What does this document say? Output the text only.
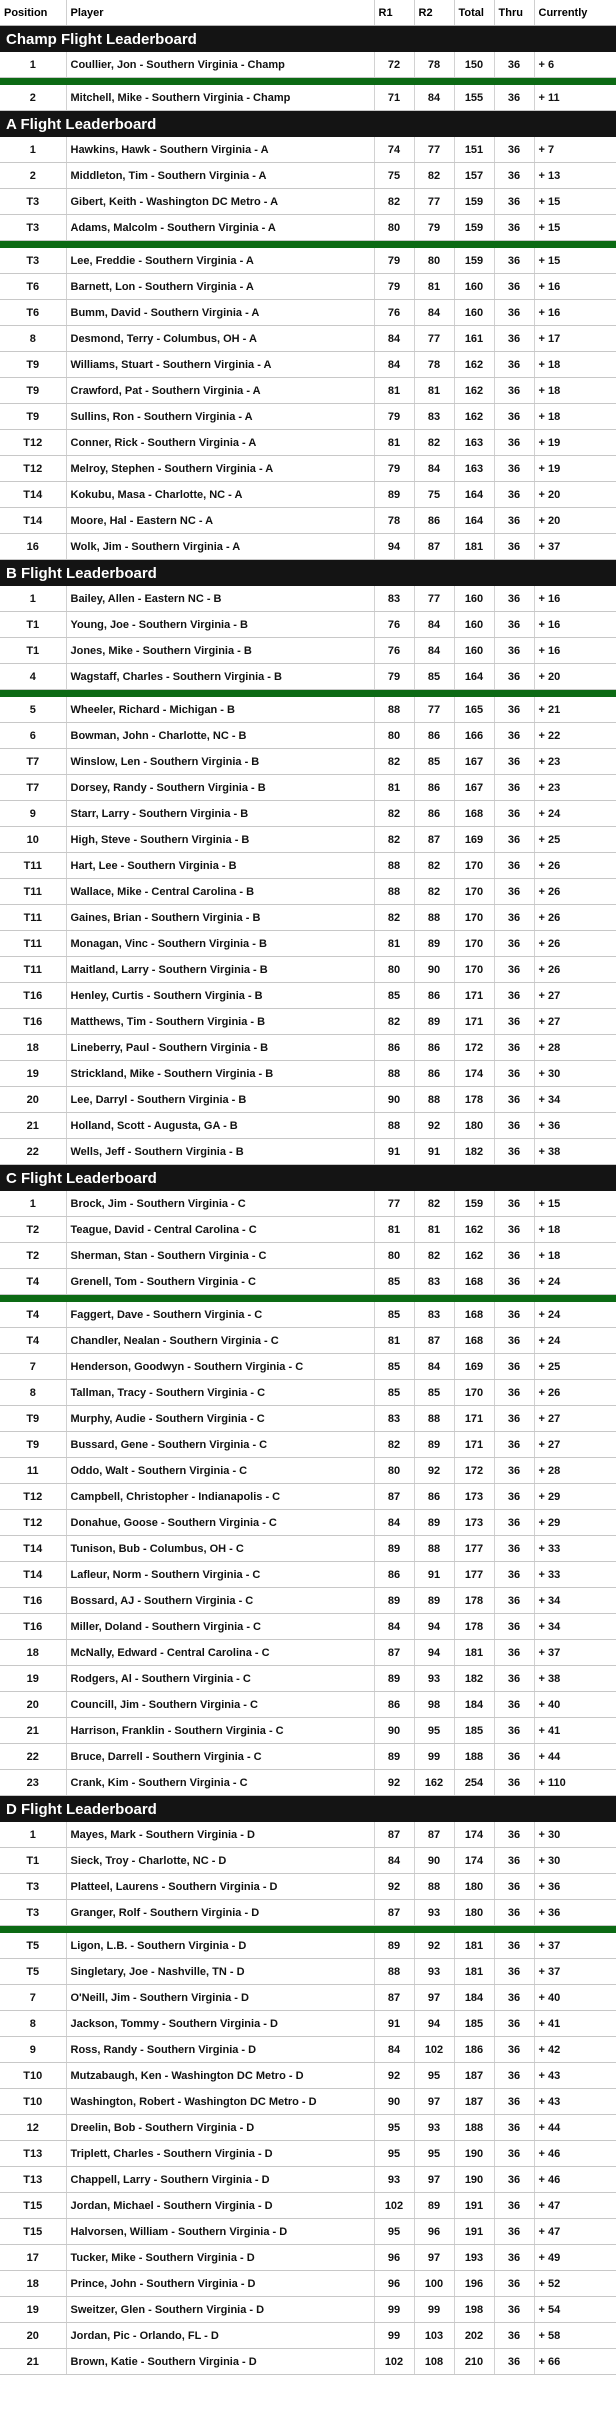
Position	Player	R1	R2	Total	Thru	Currently
Champ Flight Leaderboard						
1	Coullier, Jon - Southern Virginia - Champ	72	78	150	36	+ 6

2	Mitchell, Mike - Southern Virginia - Champ	71	84	155	36	+ 11
A Flight Leaderboard						
1	Hawkins, Hawk - Southern Virginia - A	74	77	151	36	+ 7
2	Middleton, Tim - Southern Virginia - A	75	82	157	36	+ 13
T3	Gibert, Keith - Washington DC Metro - A	82	77	159	36	+ 15
T3	Adams, Malcolm - Southern Virginia - A	80	79	159	36	+ 15

T3	Lee, Freddie - Southern Virginia - A	79	80	159	36	+ 15
T6	Barnett, Lon - Southern Virginia - A	79	81	160	36	+ 16
T6	Bumm, David - Southern Virginia - A	76	84	160	36	+ 16
8	Desmond, Terry - Columbus, OH - A	84	77	161	36	+ 17
T9	Williams, Stuart - Southern Virginia - A	84	78	162	36	+ 18
T9	Crawford, Pat - Southern Virginia - A	81	81	162	36	+ 18
T9	Sullins, Ron - Southern Virginia - A	79	83	162	36	+ 18
T12	Conner, Rick - Southern Virginia - A	81	82	163	36	+ 19
T12	Melroy, Stephen - Southern Virginia - A	79	84	163	36	+ 19
T14	Kokubu, Masa - Charlotte, NC - A	89	75	164	36	+ 20
T14	Moore, Hal - Eastern NC - A	78	86	164	36	+ 20
16	Wolk, Jim - Southern Virginia - A	94	87	181	36	+ 37
B Flight Leaderboard						
1	Bailey, Allen - Eastern NC - B	83	77	160	36	+ 16
T1	Young, Joe - Southern Virginia - B	76	84	160	36	+ 16
T1	Jones, Mike - Southern Virginia - B	76	84	160	36	+ 16
4	Wagstaff, Charles - Southern Virginia - B	79	85	164	36	+ 20

5	Wheeler, Richard - Michigan - B	88	77	165	36	+ 21
6	Bowman, John - Charlotte, NC - B	80	86	166	36	+ 22
T7	Winslow, Len - Southern Virginia - B	82	85	167	36	+ 23
T7	Dorsey, Randy - Southern Virginia - B	81	86	167	36	+ 23
9	Starr, Larry - Southern Virginia - B	82	86	168	36	+ 24
10	High, Steve - Southern Virginia - B	82	87	169	36	+ 25
T11	Hart, Lee - Southern Virginia - B	88	82	170	36	+ 26
T11	Wallace, Mike - Central Carolina - B	88	82	170	36	+ 26
T11	Gaines, Brian - Southern Virginia - B	82	88	170	36	+ 26
T11	Monagan, Vinc - Southern Virginia - B	81	89	170	36	+ 26
T11	Maitland, Larry - Southern Virginia - B	80	90	170	36	+ 26
T16	Henley, Curtis - Southern Virginia - B	85	86	171	36	+ 27
T16	Matthews, Tim - Southern Virginia - B	82	89	171	36	+ 27
18	Lineberry, Paul - Southern Virginia - B	86	86	172	36	+ 28
19	Strickland, Mike - Southern Virginia - B	88	86	174	36	+ 30
20	Lee, Darryl - Southern Virginia - B	90	88	178	36	+ 34
21	Holland, Scott - Augusta, GA - B	88	92	180	36	+ 36
22	Wells, Jeff - Southern Virginia - B	91	91	182	36	+ 38
C Flight Leaderboard						
1	Brock, Jim - Southern Virginia - C	77	82	159	36	+ 15
T2	Teague, David - Central Carolina - C	81	81	162	36	+ 18
T2	Sherman, Stan - Southern Virginia - C	80	82	162	36	+ 18
T4	Grenell, Tom - Southern Virginia - C	85	83	168	36	+ 24

T4	Faggert, Dave - Southern Virginia - C	85	83	168	36	+ 24
T4	Chandler, Nealan - Southern Virginia - C	81	87	168	36	+ 24
7	Henderson, Goodwyn - Southern Virginia - C	85	84	169	36	+ 25
8	Tallman, Tracy - Southern Virginia - C	85	85	170	36	+ 26
T9	Murphy, Audie - Southern Virginia - C	83	88	171	36	+ 27
T9	Bussard, Gene - Southern Virginia - C	82	89	171	36	+ 27
11	Oddo, Walt - Southern Virginia - C	80	92	172	36	+ 28
T12	Campbell, Christopher - Indianapolis - C	87	86	173	36	+ 29
T12	Donahue, Goose - Southern Virginia - C	84	89	173	36	+ 29
T14	Tunison, Bub - Columbus, OH - C	89	88	177	36	+ 33
T14	Lafleur, Norm - Southern Virginia - C	86	91	177	36	+ 33
T16	Bossard, AJ - Southern Virginia - C	89	89	178	36	+ 34
T16	Miller, Doland - Southern Virginia - C	84	94	178	36	+ 34
18	McNally, Edward - Central Carolina - C	87	94	181	36	+ 37
19	Rodgers, Al - Southern Virginia - C	89	93	182	36	+ 38
20	Councill, Jim - Southern Virginia - C	86	98	184	36	+ 40
21	Harrison, Franklin - Southern Virginia - C	90	95	185	36	+ 41
22	Bruce, Darrell - Southern Virginia - C	89	99	188	36	+ 44
23	Crank, Kim - Southern Virginia - C	92	162	254	36	+ 110
D Flight Leaderboard						
1	Mayes, Mark - Southern Virginia - D	87	87	174	36	+ 30
T1	Sieck, Troy - Charlotte, NC - D	84	90	174	36	+ 30
T3	Platteel, Laurens - Southern Virginia - D	92	88	180	36	+ 36
T3	Granger, Rolf - Southern Virginia - D	87	93	180	36	+ 36

T5	Ligon, L.B. - Southern Virginia - D	89	92	181	36	+ 37
T5	Singletary, Joe - Nashville, TN - D	88	93	181	36	+ 37
7	O'Neill, Jim - Southern Virginia - D	87	97	184	36	+ 40
8	Jackson, Tommy - Southern Virginia - D	91	94	185	36	+ 41
9	Ross, Randy - Southern Virginia - D	84	102	186	36	+ 42
T10	Mutzabaugh, Ken - Washington DC Metro - D	92	95	187	36	+ 43
T10	Washington, Robert - Washington DC Metro - D	90	97	187	36	+ 43
12	Dreelin, Bob - Southern Virginia - D	95	93	188	36	+ 44
T13	Triplett, Charles - Southern Virginia - D	95	95	190	36	+ 46
T13	Chappell, Larry - Southern Virginia - D	93	97	190	36	+ 46
T15	Jordan, Michael - Southern Virginia - D	102	89	191	36	+ 47
T15	Halvorsen, William - Southern Virginia - D	95	96	191	36	+ 47
17	Tucker, Mike - Southern Virginia - D	96	97	193	36	+ 49
18	Prince, John - Southern Virginia - D	96	100	196	36	+ 52
19	Sweitzer, Glen - Southern Virginia - D	99	99	198	36	+ 54
20	Jordan, Pic - Orlando, FL - D	99	103	202	36	+ 58
21	Brown, Katie - Southern Virginia - D	102	108	210	36	+ 66
